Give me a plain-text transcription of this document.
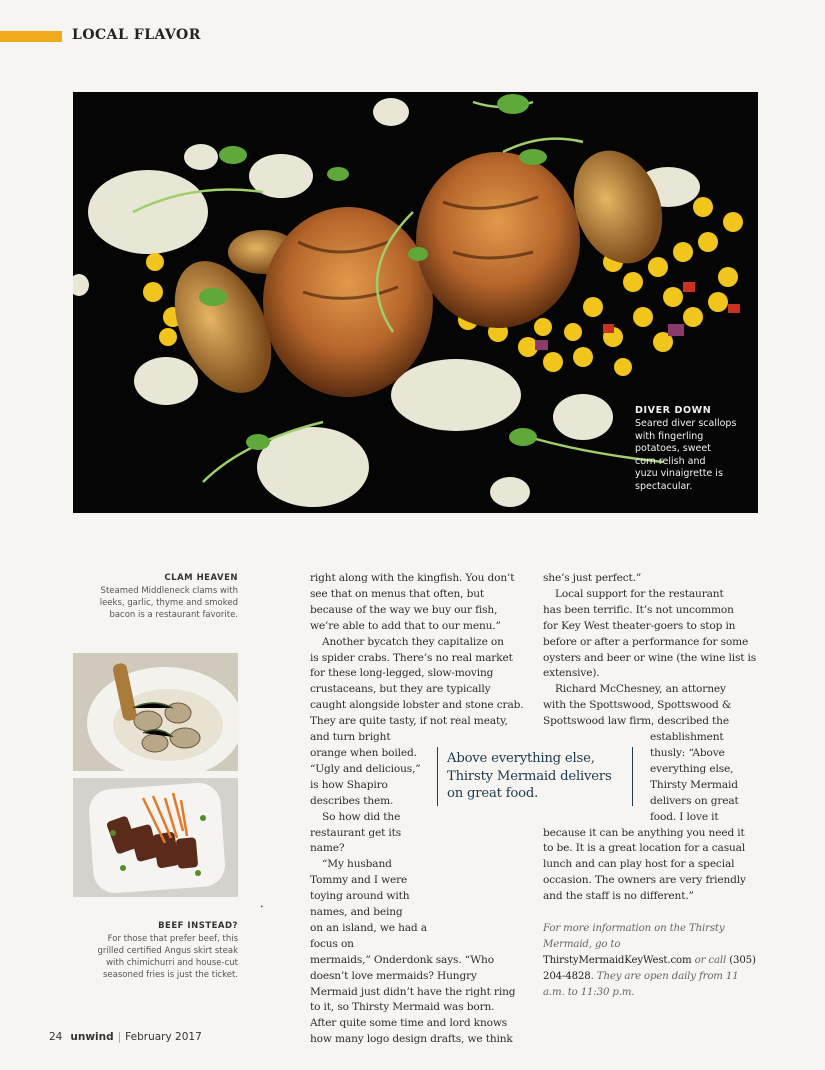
LOCAL FLAVOR
DIVER DOWN
Seared diver scallops
with fingerling
potatoes, sweet
corn relish and
yuzu vinaigrette is
spectacular.
CLAM HEAVEN
Steamed Middleneck clams with
leeks, garlic, thyme and smoked
bacon is a restaurant favorite.
BEEF INSTEAD?
For those that prefer beef, this
grilled certified Angus skirt steak
with chimichurri and house-cut
seasoned fries is just the ticket.
•
right along with the kingfish. You don’t
see that on menus that often, but
because of the way we buy our fish,
we’re able to add that to our menu.”
Another bycatch they capitalize on
is spider crabs. There’s no real market
for these long-legged, slow-moving
crustaceans, but they are typically
caught alongside lobster and stone crab.
They are quite tasty, if not real meaty,
and turn bright
orange when boiled.
“Ugly and delicious,”
is how Shapiro
describes them.
So how did the
restaurant get its name?
“My husband Tommy and I were
toying around with names, and being
on an island, we had a focus on
mermaids,” Onderdonk says. “Who
doesn’t love mermaids? Hungry
Mermaid just didn’t have the right ring
to it, so Thirsty Mermaid was born.
After quite some time and lord knows
how many logo design drafts, we think
she’s just perfect.”
Local support for the restaurant
has been terrific. It’s not uncommon
for Key West theater-goers to stop in
before or after a performance for some
oysters and beer or wine (the wine list is
extensive).
Richard McChesney, an attorney
with the Spottswood, Spottswood &
Spottswood law firm, described the
establishment
thusly: “Above
everything else,
Thirsty Mermaid
delivers on great
food. I love it
because it can be anything you need it
to be. It is a great location for a casual
lunch and can play host for a special
occasion. The owners are very friendly
and the staff is no different.”
Above everything else,
Thirsty Mermaid delivers
on great food.
For more information on the Thirsty Mermaid, go to ThirstyMermaidKeyWest.com or call (305) 204-4828. They are open daily from 11 a.m. to 11:30 p.m.
24 unwind | February 2017
